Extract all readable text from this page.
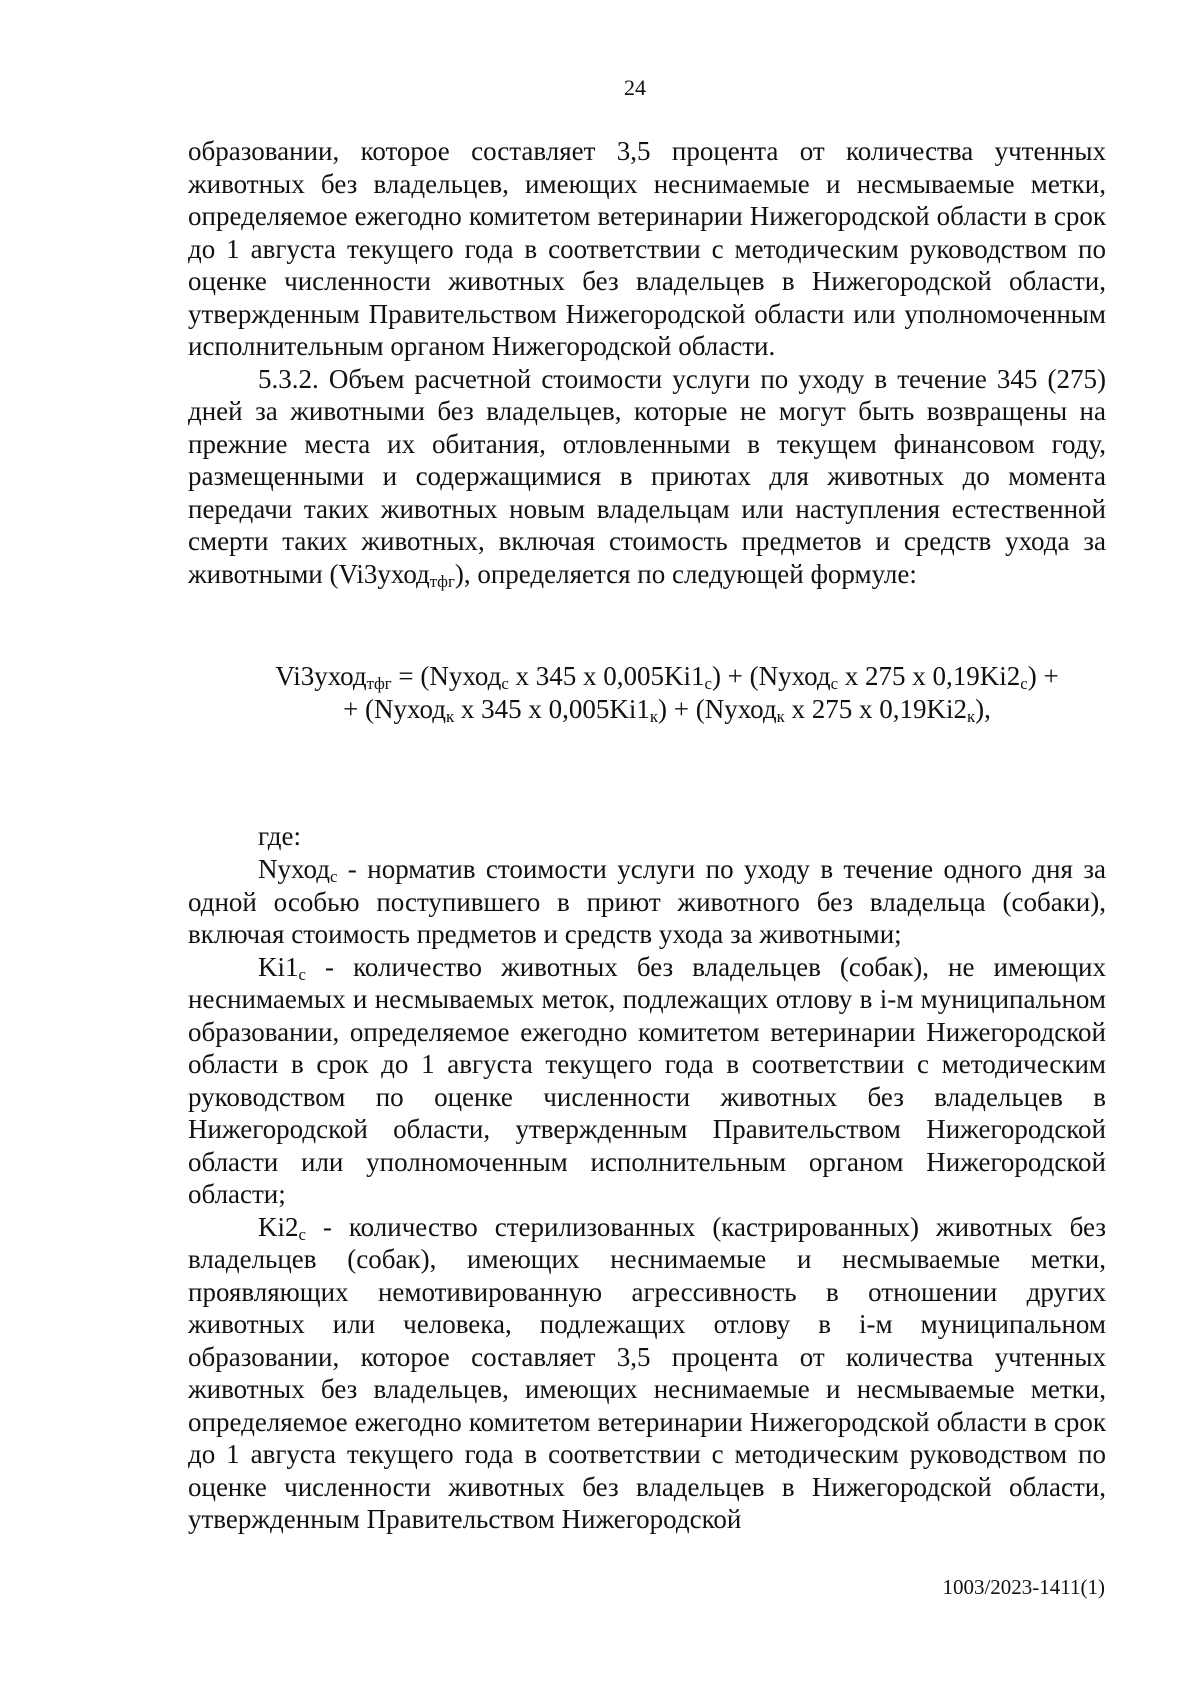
24

образовании, которое составляет 3,5 процента от количества учтенных животных без владельцев, имеющих неснимаемые и несмываемые метки, определяемое ежегодно комитетом ветеринарии Нижегородской области в срок до 1 августа текущего года в соответствии с методическим руководством по оценке численности животных без владельцев в Нижегородской области, утвержденным Правительством Нижегородской области или уполномоченным исполнительным органом Нижегородской области.

5.3.2. Объем расчетной стоимости услуги по уходу в течение 345 (275) дней за животными без владельцев, которые не могут быть возвращены на прежние места их обитания, отловленными в текущем финансовом году, размещенными и содержащимися в приютах для животных до момента передачи таких животных новым владельцам или наступления естественной смерти таких животных, включая стоимость предметов и средств ухода за животными (Vi3уход$_{тфг}$), определяется по следующей формуле:

Vi3уход$_{тфг}$ = (Nуход$_с$ х 345 х $0,005Ki1_с$) + (Nуход$_с$ х 275 х $0,19Ki2_с$) +
+ (Nуход$_к$ х 345 х $0,005Ki1_к$) + (Nуход$_к$ х 275 х $0,19Ki2_к$),
где:

Nуход$_с$ - норматив стоимости услуги по уходу в течение одного дня за одной особью поступившего в приют животного без владельца (собаки), включая стоимость предметов и средств ухода за животными;

$Ki1_с$ - количество животных без владельцев (собак), не имеющих неснимаемых и несмываемых меток, подлежащих отлову в i-м муниципальном образовании, определяемое ежегодно комитетом ветеринарии Нижегородской области в срок до 1 августа текущего года в соответствии с методическим руководством по оценке численности животных без владельцев в Нижегородской области, утвержденным Правительством Нижегородской области или уполномоченным исполнительным органом Нижегородской области;

$Ki2_с$ - количество стерилизованных (кастрированных) животных без владельцев (собак), имеющих неснимаемые и несмываемые метки, проявляющих немотивированную агрессивность в отношении других животных или человека, подлежащих отлову в i-м муниципальном образовании, которое составляет 3,5 процента от количества учтенных животных без владельцев, имеющих неснимаемые и несмываемые метки, определяемое ежегодно комитетом ветеринарии Нижегородской области в срок до 1 августа текущего года в соответствии с методическим руководством по оценке численности животных без владельцев в Нижегородской области, утвержденным Правительством Нижегородской

1003/2023-1411(1)
